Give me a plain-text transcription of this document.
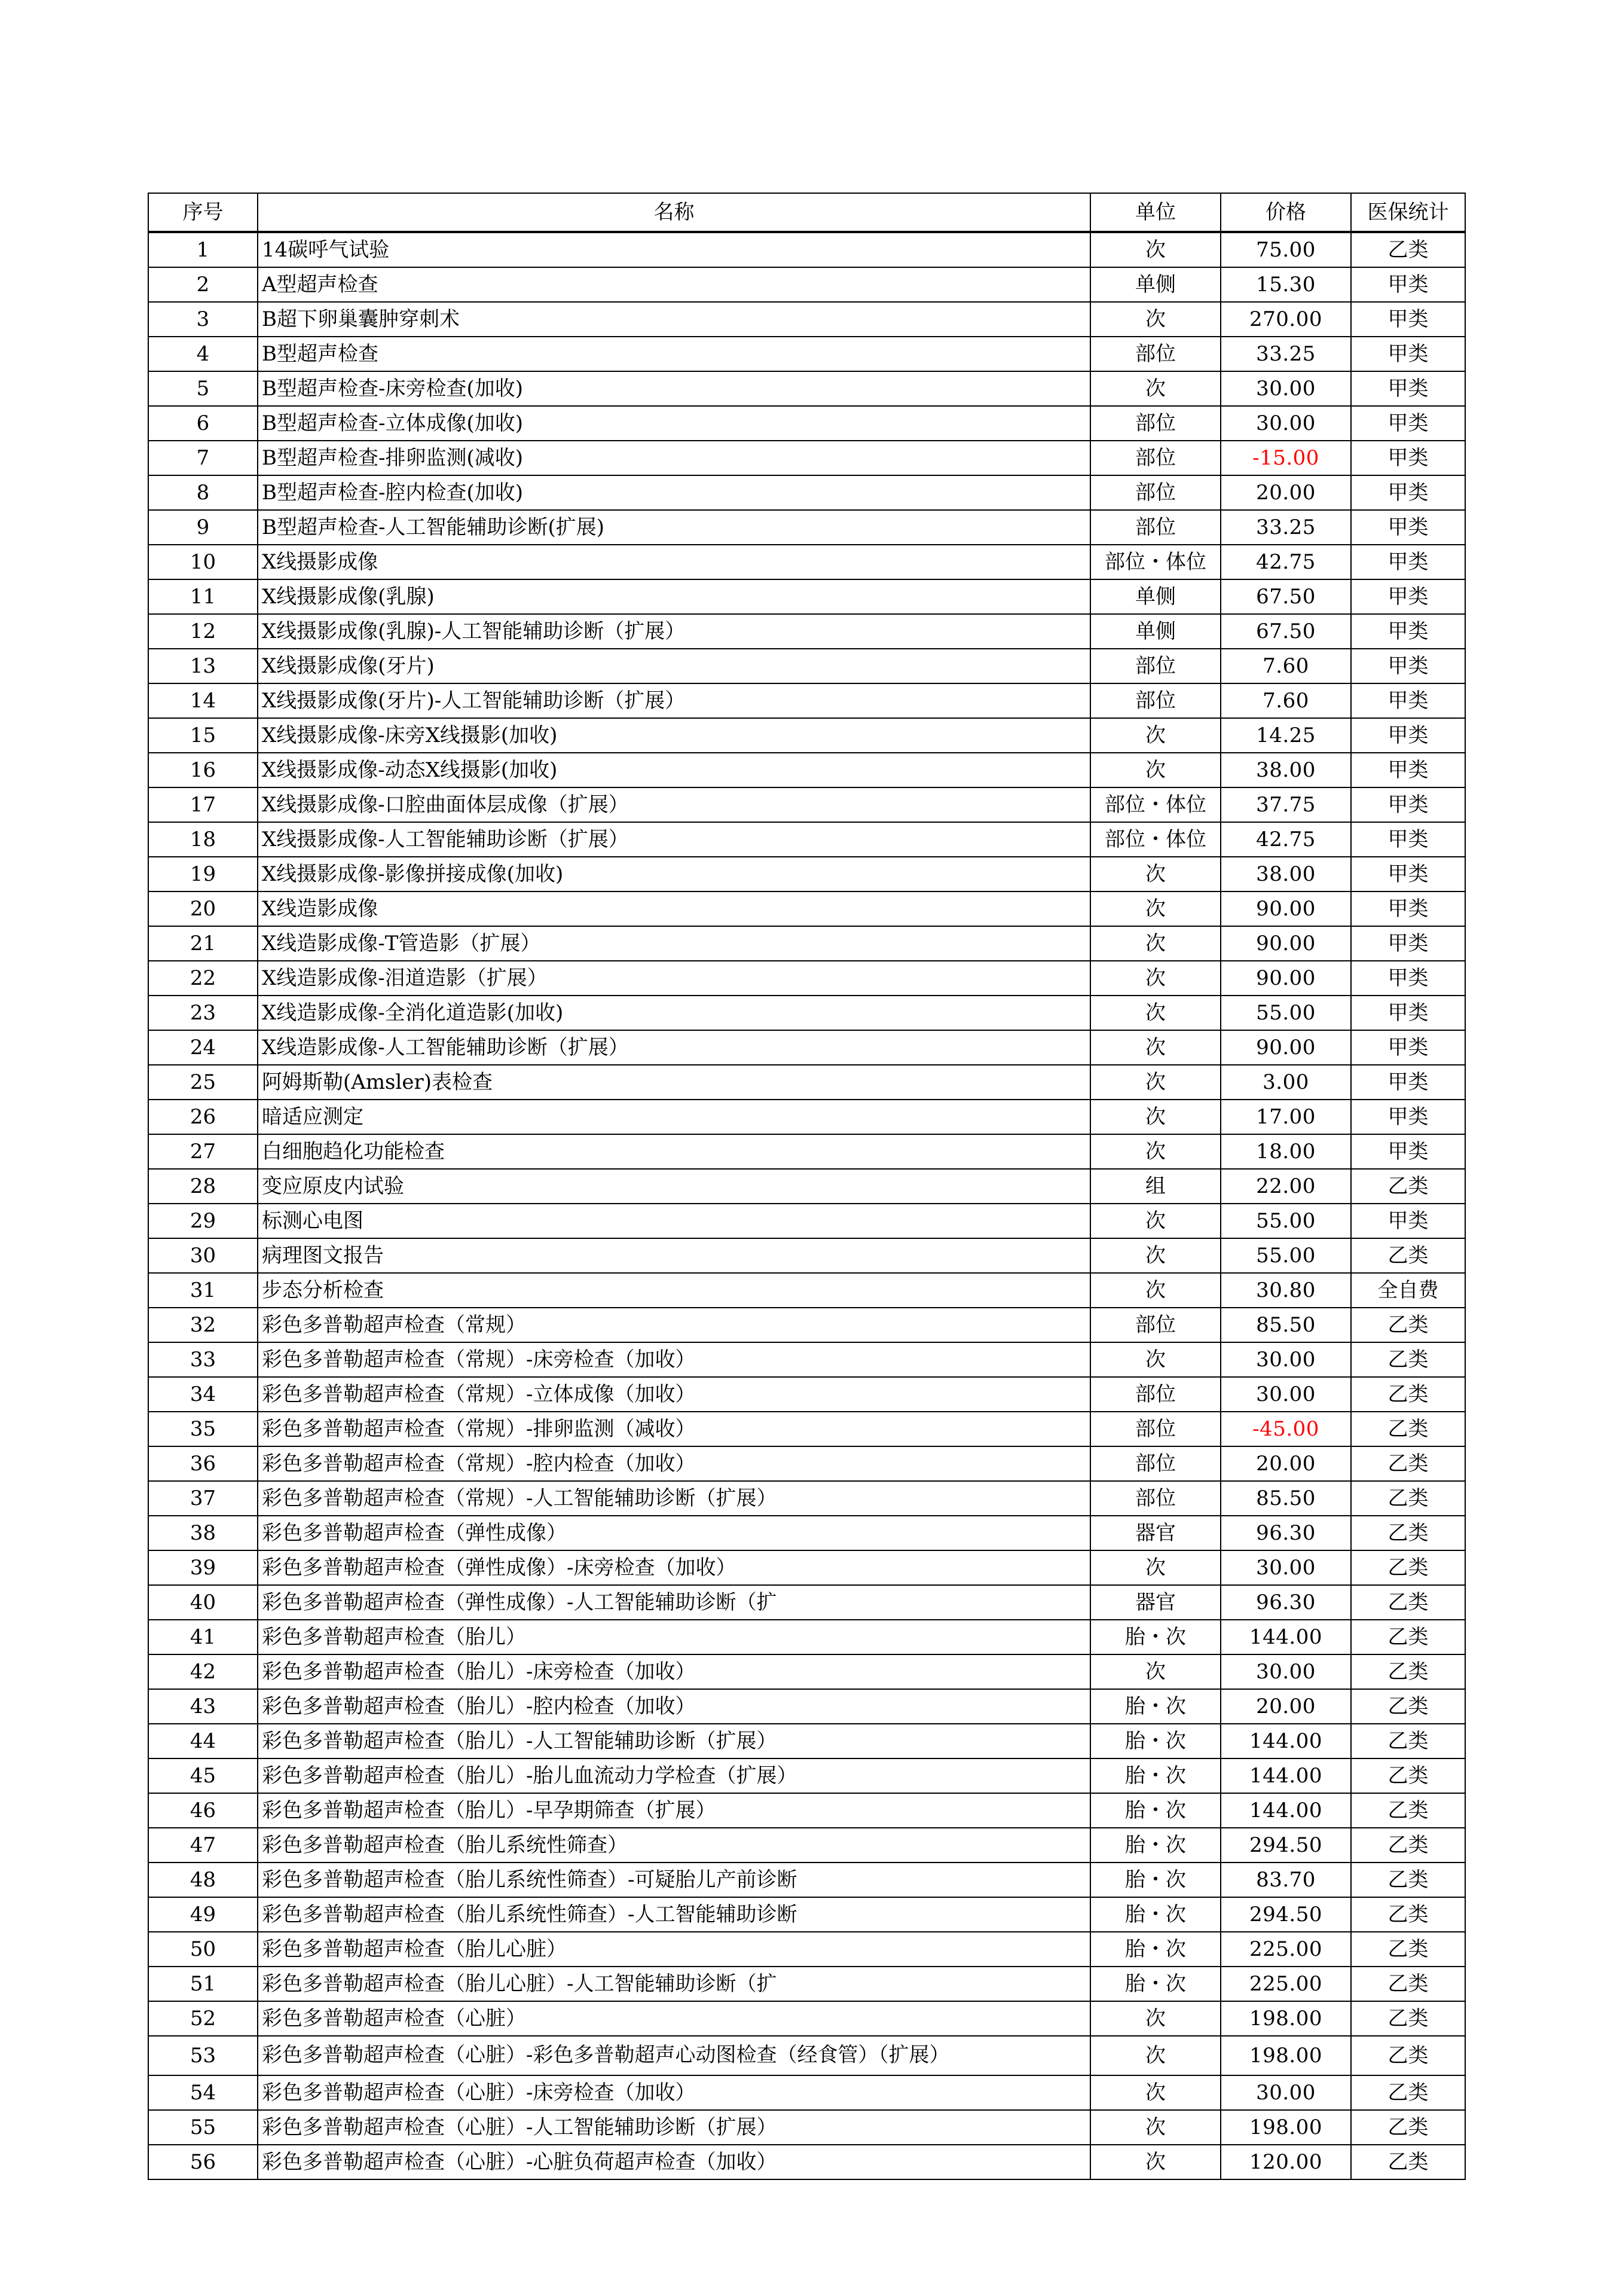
序号	名称	单位	价格	医保统计
1	14碳呼气试验	次	75.00	乙类
2	A型超声检查	单侧	15.30	甲类
3	B超下卵巢囊肿穿刺术	次	270.00	甲类
4	B型超声检查	部位	33.25	甲类
5	B型超声检查-床旁检查(加收)	次	30.00	甲类
6	B型超声检查-立体成像(加收)	部位	30.00	甲类
7	B型超声检查-排卵监测(减收)	部位	-15.00	甲类
8	B型超声检查-腔内检查(加收)	部位	20.00	甲类
9	B型超声检查-人工智能辅助诊断(扩展)	部位	33.25	甲类
10	X线摄影成像	部位・体位	42.75	甲类
11	X线摄影成像(乳腺)	单侧	67.50	甲类
12	X线摄影成像(乳腺)-人工智能辅助诊断（扩展）	单侧	67.50	甲类
13	X线摄影成像(牙片)	部位	7.60	甲类
14	X线摄影成像(牙片)-人工智能辅助诊断（扩展）	部位	7.60	甲类
15	X线摄影成像-床旁X线摄影(加收)	次	14.25	甲类
16	X线摄影成像-动态X线摄影(加收)	次	38.00	甲类
17	X线摄影成像-口腔曲面体层成像（扩展）	部位・体位	37.75	甲类
18	X线摄影成像-人工智能辅助诊断（扩展）	部位・体位	42.75	甲类
19	X线摄影成像-影像拼接成像(加收)	次	38.00	甲类
20	X线造影成像	次	90.00	甲类
21	X线造影成像-T管造影（扩展）	次	90.00	甲类
22	X线造影成像-泪道造影（扩展）	次	90.00	甲类
23	X线造影成像-全消化道造影(加收)	次	55.00	甲类
24	X线造影成像-人工智能辅助诊断（扩展）	次	90.00	甲类
25	阿姆斯勒(Amsler)表检查	次	3.00	甲类
26	暗适应测定	次	17.00	甲类
27	白细胞趋化功能检查	次	18.00	甲类
28	变应原皮内试验	组	22.00	乙类
29	标测心电图	次	55.00	甲类
30	病理图文报告	次	55.00	乙类
31	步态分析检查	次	30.80	全自费
32	彩色多普勒超声检查（常规）	部位	85.50	乙类
33	彩色多普勒超声检查（常规）-床旁检查（加收）	次	30.00	乙类
34	彩色多普勒超声检查（常规）-立体成像（加收）	部位	30.00	乙类
35	彩色多普勒超声检查（常规）-排卵监测（减收）	部位	-45.00	乙类
36	彩色多普勒超声检查（常规）-腔内检查（加收）	部位	20.00	乙类
37	彩色多普勒超声检查（常规）-人工智能辅助诊断（扩展）	部位	85.50	乙类
38	彩色多普勒超声检查（弹性成像）	器官	96.30	乙类
39	彩色多普勒超声检查（弹性成像）-床旁检查（加收）	次	30.00	乙类
40	彩色多普勒超声检查（弹性成像）-人工智能辅助诊断（扩	器官	96.30	乙类
41	彩色多普勒超声检查（胎儿）	胎・次	144.00	乙类
42	彩色多普勒超声检查（胎儿）-床旁检查（加收）	次	30.00	乙类
43	彩色多普勒超声检查（胎儿）-腔内检查（加收）	胎・次	20.00	乙类
44	彩色多普勒超声检查（胎儿）-人工智能辅助诊断（扩展）	胎・次	144.00	乙类
45	彩色多普勒超声检查（胎儿）-胎儿血流动力学检查（扩展）	胎・次	144.00	乙类
46	彩色多普勒超声检查（胎儿）-早孕期筛查（扩展）	胎・次	144.00	乙类
47	彩色多普勒超声检查（胎儿系统性筛查）	胎・次	294.50	乙类
48	彩色多普勒超声检查（胎儿系统性筛查）-可疑胎儿产前诊断	胎・次	83.70	乙类
49	彩色多普勒超声检查（胎儿系统性筛查）-人工智能辅助诊断	胎・次	294.50	乙类
50	彩色多普勒超声检查（胎儿心脏）	胎・次	225.00	乙类
51	彩色多普勒超声检查（胎儿心脏）-人工智能辅助诊断（扩	胎・次	225.00	乙类
52	彩色多普勒超声检查（心脏）	次	198.00	乙类
53	彩色多普勒超声检查（心脏）-彩色多普勒超声心动图检查（经食管）（扩展）	次	198.00	乙类
54	彩色多普勒超声检查（心脏）-床旁检查（加收）	次	30.00	乙类
55	彩色多普勒超声检查（心脏）-人工智能辅助诊断（扩展）	次	198.00	乙类
56	彩色多普勒超声检查（心脏）-心脏负荷超声检查（加收）	次	120.00	乙类
